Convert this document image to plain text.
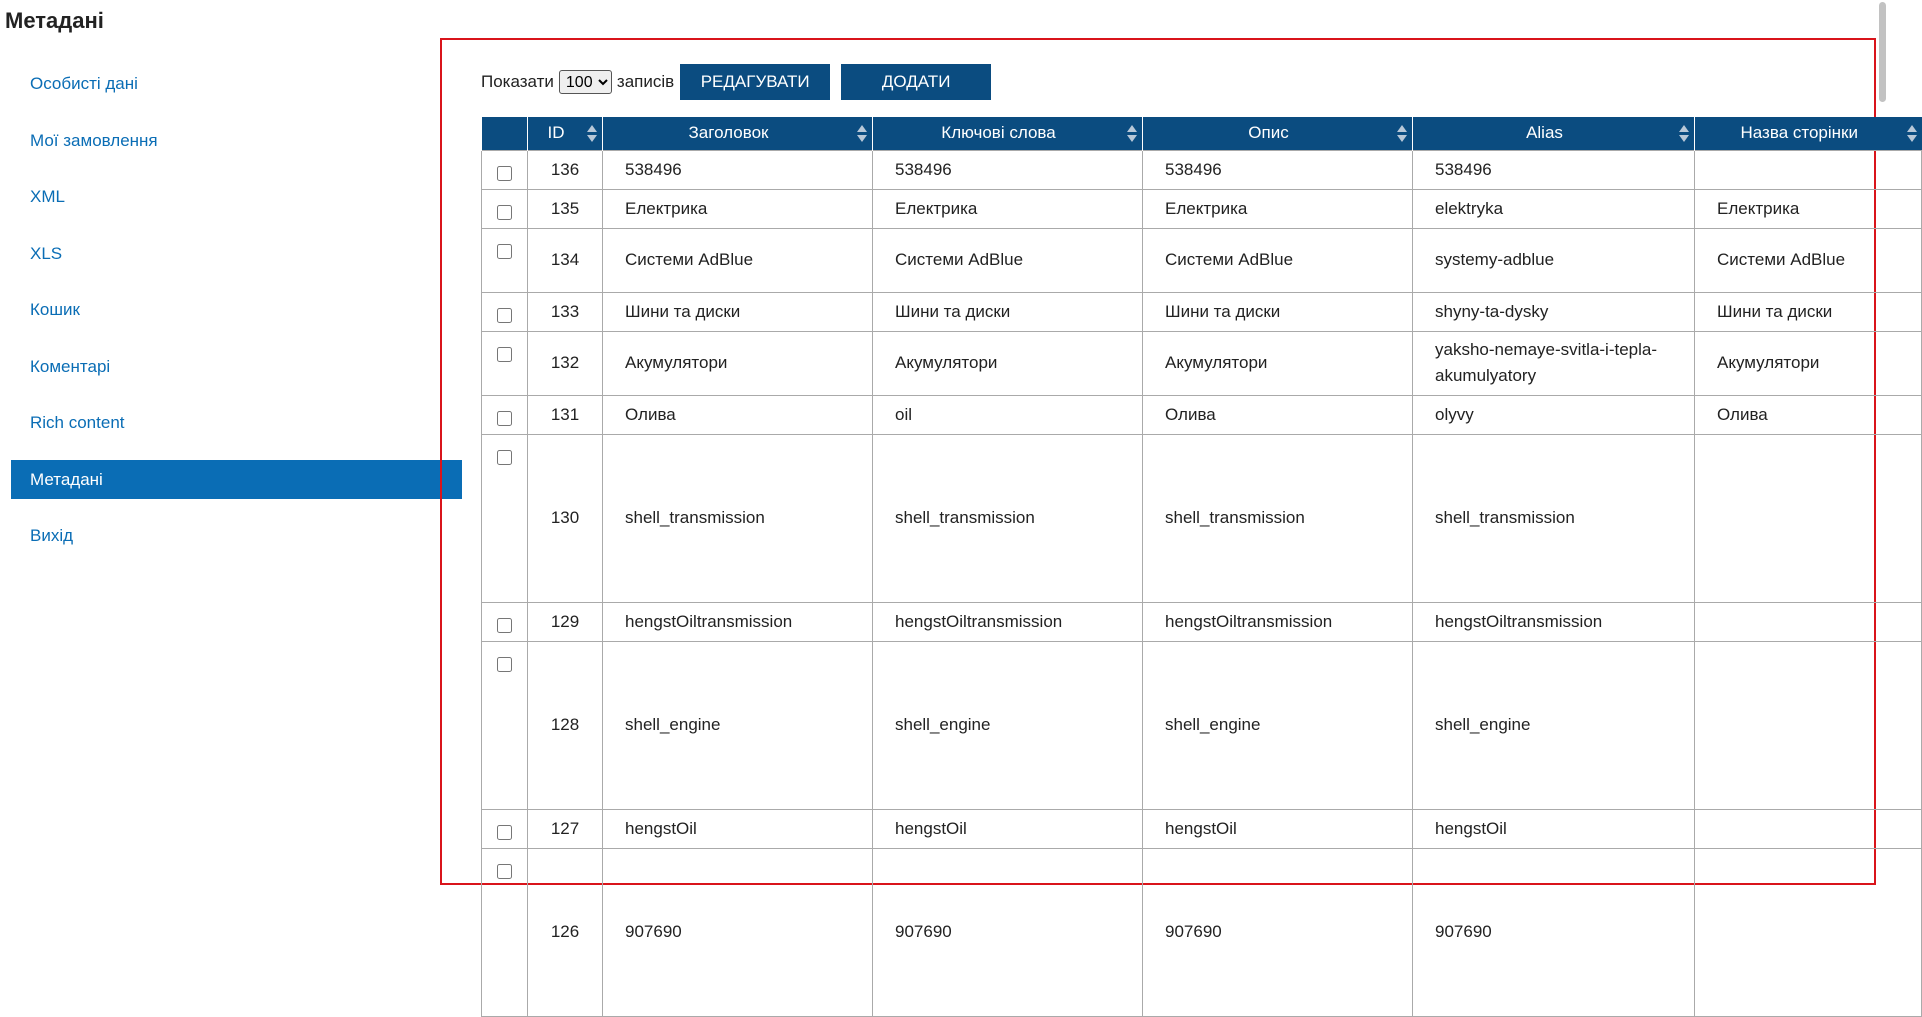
Метадані
Особисті дані
Мої замовлення
XML
XLS
Кошик
Коментарі
Rich content
Метадані
Вихід
Показати
100	записів	РЕДАГУВАТИ	ДОДАТИ
	ID	Заголовок	Ключові слова	Опис	Alias	Назва сторінки

	136	538496	538496	538496	538496	
	135	Електрика	Електрика	Електрика	elektryka	Електрика
	134	Системи AdBlue	Системи AdBlue	Системи AdBlue	systemy-adblue	Системи AdBlue
	133	Шини та диски	Шини та диски	Шини та диски	shyny-ta-dysky	Шини та диски
	132	Акумулятори	Акумулятори	Акумулятори	yaksho-nemaye-svitla-i-tepla-akumulyatory	Акумулятори
	131	Олива	oil	Олива	olyvy	Олива
	130	shell_transmission	shell_transmission	shell_transmission	shell_transmission	
	129	hengstOiltransmission	hengstOiltransmission	hengstOiltransmission	hengstOiltransmission	
	128	shell_engine	shell_engine	shell_engine	shell_engine	
	127	hengstOil	hengstOil	hengstOil	hengstOil	
	126	907690	907690	907690	907690	
